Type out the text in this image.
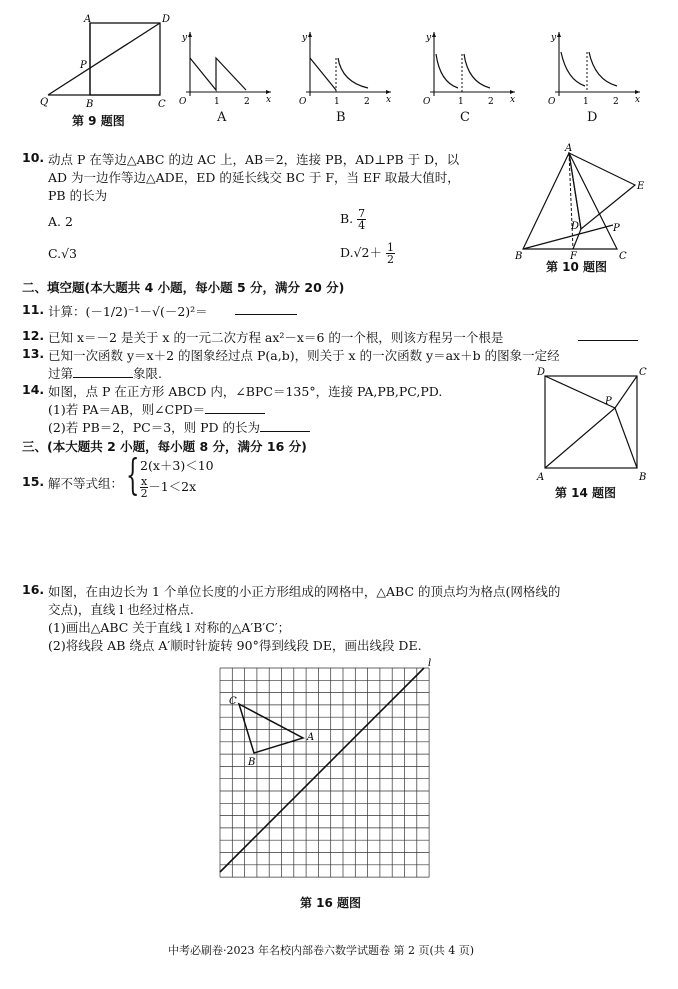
A	D
P
Q	B	C
第 9 题图
y
x
O	1	2
A
y
x
O	1	2
B
y
x
O	1	2
C
y
x
O	1	2
D
10. 动点 P 在等边△ABC 的边 AC 上，AB＝2，连接 PB，AD⊥PB 于 D，以
AD 为一边作等边△ADE，ED 的延长线交 BC 于 F，当 EF 取最大值时，
PB 的长为
A. 2	B. $\frac{7}{4}$
C.√3	$D.√2+ \frac{1}{2}$
A
E
D	P
B	F	C
第 10 题图
二、填空题(本大题共 4 小题，每小题 5 分，满分 20 分)
11. 计算：(－1/2)⁻¹－√(－2)²＝
12. 已知 x＝－2 是关于 x 的一元二次方程 ax²－x＝6 的一个根，则该方程另一个根是
13. 已知一次函数 y＝x＋2 的图象经过点 P(a,b)，则关于 x 的一次函数 y＝ax＋b 的图象一定经
过第	象限.
14. 如图，点 P 在正方形 ABCD 内，∠BPC＝135°，连接 PA,PB,PC,PD.
(1)若 PA＝AB，则∠CPD＝
(2)若 PB＝2，PC＝3，则 PD 的长为
D	C
P
A	B
第 14 题图
三、(本大题共 2 小题，每小题 8 分，满分 16 分)
15. 解不等式组： { 2(x＋3)＜10
$\frac{x}{2} -1<2x$
16. 如图，在由边长为 1 个单位长度的小正方形组成的网格中，△ABC 的顶点均为格点(网格线的
交点)，直线 l 也经过格点.
(1)画出△ABC 关于直线 l 对称的△A′B′C′；
(2)将线段 AB 绕点 A′顺时针旋转 90°得到线段 DE，画出线段 DE.
l
C
A
B
第 16 题图
中考必刷卷·2023 年名校内部卷六数学试题卷 第 2 页(共 4 页)
